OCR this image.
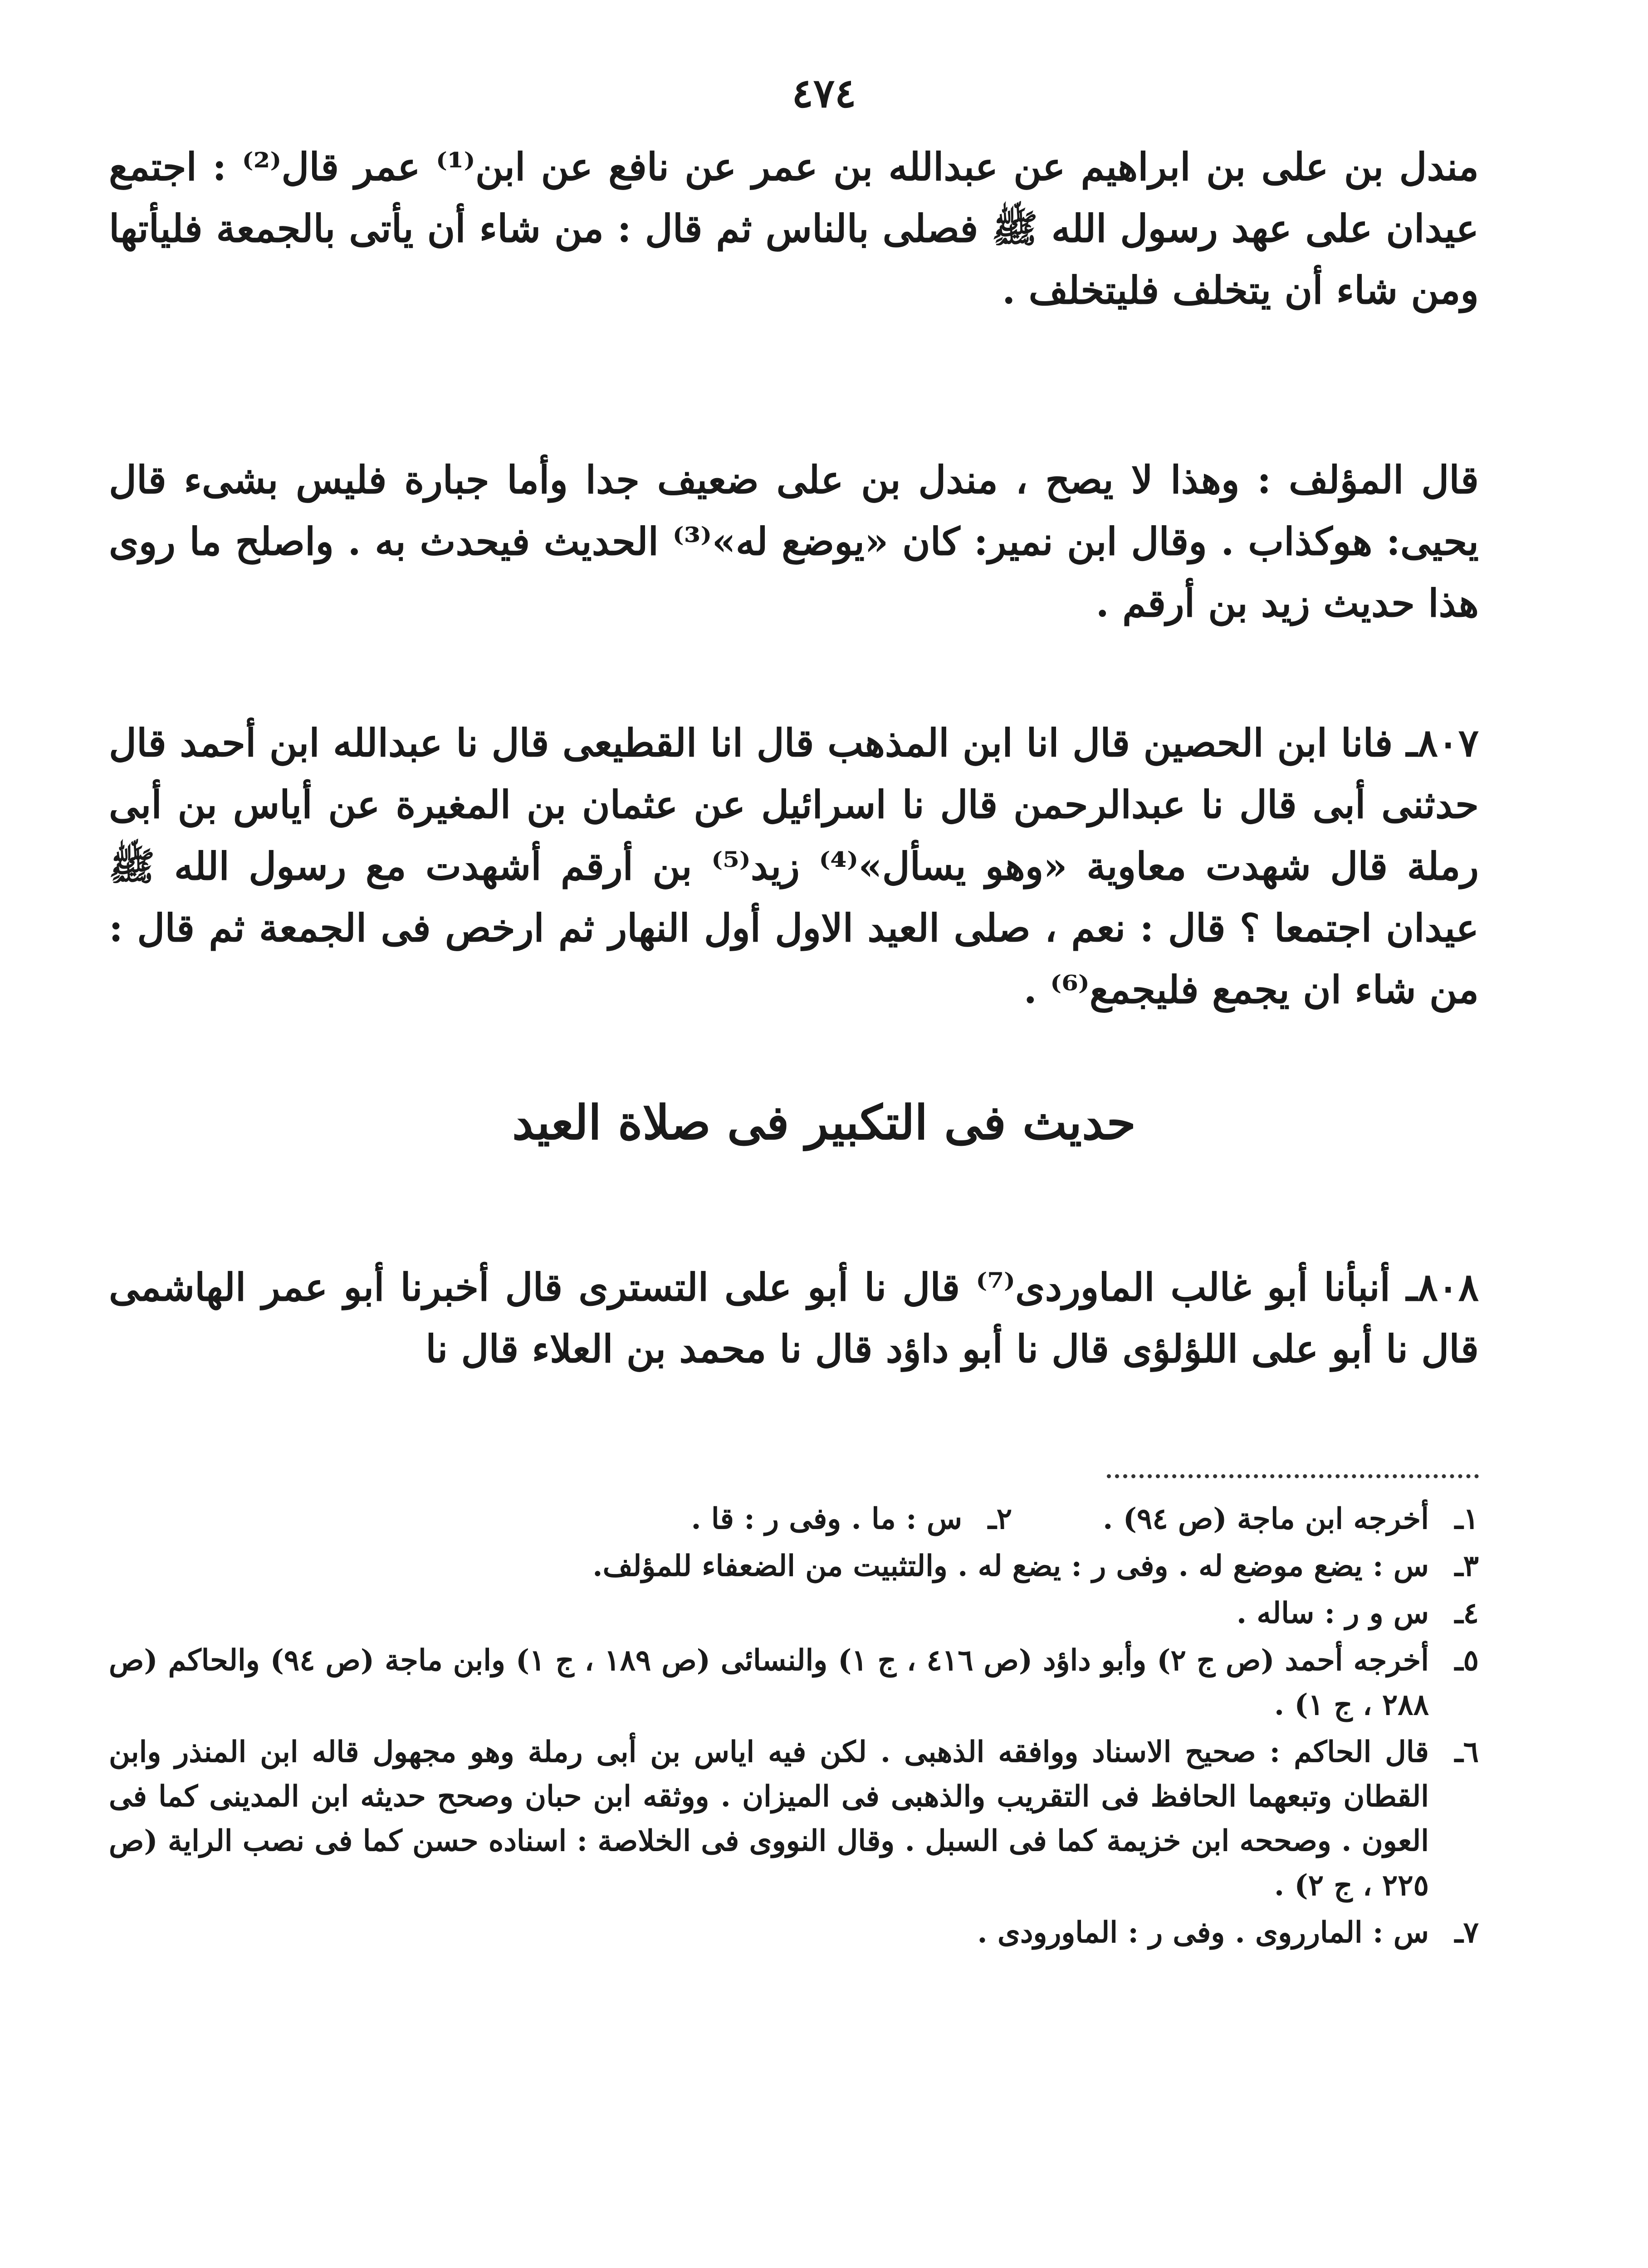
٤٧٤

مندل بن على بن ابراهيم عن عبدالله بن عمر عن نافع عن ابن⁽¹⁾ عمر قال⁽²⁾ : اجتمع عيدان على عهد رسول الله ﷺ فصلى بالناس ثم قال : من شاء أن يأتى بالجمعة فليأتها ومن شاء أن يتخلف فليتخلف .

قال المؤلف : وهذا لا يصح ، مندل بن على ضعيف جدا وأما جبارة فليس بشىء قال يحيى: هوكذاب . وقال ابن نمير: كان «يوضع له»⁽³⁾ الحديث فيحدث به . واصلح ما روى هذا حديث زيد بن أرقم .

٨٠٧ـ فانا ابن الحصين قال انا ابن المذهب قال انا القطيعى قال نا عبدالله ابن أحمد قال حدثنى أبى قال نا عبدالرحمن قال نا اسرائيل عن عثمان بن المغيرة عن أياس بن أبى رملة قال شهدت معاوية «وهو يسأل»⁽⁴⁾ زيد⁽⁵⁾ بن أرقم أشهدت مع رسول الله ﷺ عيدان اجتمعا ؟ قال : نعم ، صلى العيد الاول أول النهار ثم ارخص فى الجمعة ثم قال : من شاء ان يجمع فليجمع⁽⁶⁾ .

حديث فى التكبير فى صلاة العيد

٨٠٨ـ أنبأنا أبو غالب الماوردى⁽⁷⁾ قال نا أبو على التسترى قال أخبرنا أبو عمر الهاشمى قال نا أبو على اللؤلؤى قال نا أبو داؤد قال نا محمد بن العلاء قال نا

١ـ
أخرجه ابن ماجة (ص ٩٤) .
٢ـ
س : ما . وفى ر : قا .
٣ـ
س : يضع موضع له . وفى ر : يضع له . والتثبيت من الضعفاء للمؤلف.
٤ـ
س و ر : ساله .
٥ـ
أخرجه أحمد (ص ج ٢) وأبو داؤد (ص ٤١٦ ، ج ١) والنسائى (ص ١٨٩ ، ج ١) وابن ماجة (ص ٩٤) والحاكم (ص ٢٨٨ ، ج ١) .
٦ـ
قال الحاكم : صحيح الاسناد ووافقه الذهبى . لكن فيه اياس بن أبى رملة وهو مجهول قاله ابن المنذر وابن القطان وتبعهما الحافظ فى التقريب والذهبى فى الميزان . ووثقه ابن حبان وصحح حديثه ابن المدينى كما فى العون . وصححه ابن خزيمة كما فى السبل . وقال النووى فى الخلاصة : اسناده حسن كما فى نصب الراية (ص ٢٢٥ ، ج ٢) .
٧ـ
س : المارروى . وفى ر : الماورودى .
